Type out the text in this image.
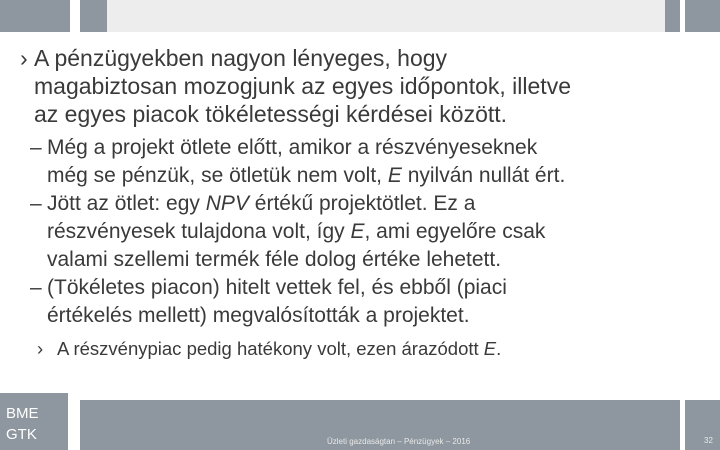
› A pénzügyekben nagyon lényeges, hogy
magabiztosan mozogjunk az egyes időpontok, illetve
az egyes piacok tökéletességi kérdései között.
– Még a projekt ötlete előtt, amikor a részvényeseknek
még se pénzük, se ötletük nem volt, E nyilván nullát ért.
– Jött az ötlet: egy NPV értékű projektötlet. Ez a
részvényesek tulajdona volt, így E, ami egyelőre csak
valami szellemi termék féle dolog értéke lehetett.
– (Tökéletes piacon) hitelt vettek fel, és ebből (piaci
értékelés mellett) megvalósították a projektet.
› A részvénypiac pedig hatékony volt, ezen árazódott E.
BME
GTK	Üzleti gazdaságtan – Pénzügyek – 2016	32
